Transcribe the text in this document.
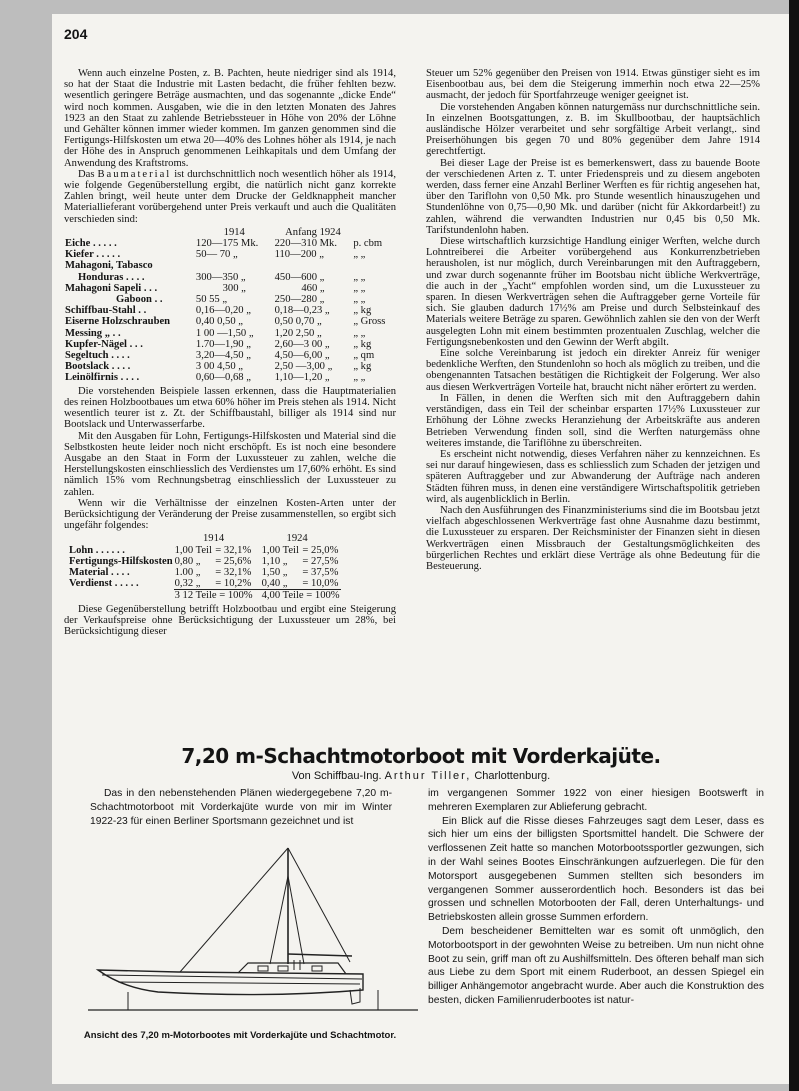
204

Wenn auch einzelne Posten, z. B. Pachten, heute niedriger sind als 1914, so hat der Staat die Industrie mit Lasten bedacht, die früher fehlten bezw. wesentlich geringere Beträge ausmachten, und das sogenannte „dicke Ende“ wird noch kommen. Ausgaben, wie die in den letzten Monaten des Jahres 1923 an den Staat zu zahlende Betriebssteuer in Höhe von 20% der Löhne und Gehälter können immer wieder kommen. Im ganzen genommen sind die Fertigungs-Hilfskosten um etwa 20—40% des Lohnes höher als 1914, je nach der Höhe des in Anspruch genommenen Leihkapitals und dem Umfang der Anwendung des Kraftstroms.

Das Baumaterial ist durchschnittlich noch wesentlich höher als 1914, wie folgende Gegenüberstellung ergibt, die natürlich nicht ganz korrekte Zahlen bringt, weil heute unter dem Drucke der Geldknappheit mancher Materiallieferant vorübergehend unter Preis verkauft und auch die Qualitäten verschieden sind:

	1914	Anfang 1924	
Eiche . . . . .	120—175 Mk.	220—310 Mk.	p. cbm
Kiefer . . . . .	50— 70 „	110—200 „	„ „
Mahagoni, Tabasco			
Honduras . . . .	300—350 „	450—600 „	„ „
Mahagoni Sapeli . . .	300 „	460 „	„ „
Gaboon . .	50 55 „	250—280 „	„ „
Schiffbau-Stahl . .	0,16—0,20 „	0,18—0,23 „	„ kg
Eiserne Holzschrauben	0,40 0,50 „	0,50 0,70 „	„ Gross
Messing „ . .	1 00 —1,50 „	1,20 2,50 „	„ „
Kupfer-Nägel . . .	1.70—1,90 „	2,60—3 00 „	„ kg
Segeltuch . . . .	3,20—4,50 „	4,50—6,00 „	„ qm
Bootslack . . . .	3 00 4,50 „	2,50 —3,00 „	„ kg
Leinölfirnis . . . .	0,60—0,68 „	1,10—1,20 „	„ „

Die vorstehenden Beispiele lassen erkennen, dass die Hauptmaterialien des reinen Holzbootbaues um etwa 60% höher im Preis stehen als 1914. Nicht wesentlich teurer ist z. Zt. der Schiffbaustahl, billiger als 1914 sind nur Bootslack und Unterwasserfarbe.

Mit den Ausgaben für Lohn, Fertigungs-Hilfskosten und Material sind die Selbstkosten heute leider noch nicht erschöpft. Es ist noch eine besondere Ausgabe an den Staat in Form der Luxussteuer zu zahlen, welche die Herstellungskosten einschliesslich des Verdienstes um 17,60% erhöht. Es sind nämlich 15% vom Rechnungsbetrag einschliesslich der Luxussteuer zu zahlen.

Wenn wir die Verhältnisse der einzelnen Kosten-Arten unter der Berücksichtigung der Veränderung der Preise zusammenstellen, so ergibt sich ungefähr folgendes:

	1914		1924	
Lohn . . . . . .	1,00 Teil	= 32,1%	1,00 Teil	= 25,0%
Fertigungs-Hilfskosten	0,80 „	= 25,6%	1,10 „	= 27,5%
Material . . . .	1.00 „	= 32,1%	1,50 „	= 37,5%
Verdienst . . . . .	0,32 „	= 10,2%	0,40 „	= 10,0%
	3 12 Teile = 100%		4,00 Teile = 100%	

Diese Gegenüberstellung betrifft Holzbootbau und ergibt eine Steigerung der Verkaufspreise ohne Berücksichtigung der Luxussteuer um 28%, bei Berücksichtigung dieser

Steuer um 52% gegenüber den Preisen von 1914. Etwas günstiger sieht es im Eisenbootbau aus, bei dem die Steigerung immerhin noch etwa 22—25% ausmacht, der jedoch für Sportfahrzeuge weniger geeignet ist.

Die vorstehenden Angaben können naturgemäss nur durchschnittliche sein. In einzelnen Bootsgattungen, z. B. im Skullbootbau, der hauptsächlich ausländische Hölzer verarbeitet und sehr sorgfältige Arbeit verlangt,. sind Preiserhöhungen bis gegen 70 und 80% gegenüber dem Jahre 1914 gerechtfertigt.

Bei dieser Lage der Preise ist es bemerkenswert, dass zu bauende Boote der verschiedenen Arten z. T. unter Friedenspreis und zu diesem angeboten werden, dass ferner eine Anzahl Berliner Werften es für richtig angesehen hat, über den Tariflohn von 0,50 Mk. pro Stunde wesentlich hinauszugehen und Stundenlöhne von 0,75—0,90 Mk. und darüber (nicht für Akkordarbeit!) zu zahlen, während die verwandten Industrien nur 0,45 bis 0,50 Mk. Tarifstundenlohn haben.

Diese wirtschaftlich kurzsichtige Handlung einiger Werften, welche durch Lohntreiberei die Arbeiter vorübergehend aus Konkurrenzbetrieben herausholen, ist nur möglich, durch Vereinbarungen mit den Auftraggebern, und zwar durch sogenannte früher im Bootsbau nicht übliche Werkverträge, die auch in der „Yacht“ empfohlen worden sind, um die Luxussteuer zu sparen. In diesen Werkverträgen sehen die Auftraggeber gerne Vorteile für sich. Sie glauben dadurch 17½% am Preise und durch Selbsteinkauf des Materials weitere Beträge zu sparen. Gewöhnlich zahlen sie den von der Werft ausgelegten Lohn mit einem bestimmten prozentualen Zuschlag, welcher die Fertigungsnebenkosten und den Gewinn der Werft abgilt.

Eine solche Vereinbarung ist jedoch ein direkter Anreiz für weniger bedenkliche Werften, den Stundenlohn so hoch als möglich zu treiben, und die obengenannten Tatsachen bestätigen die Richtigkeit der Folgerung. Wer also aus diesen Werkverträgen Vorteile hat, braucht nicht näher erörtert zu werden.

In Fällen, in denen die Werften sich mit den Auftraggebern dahin verständigen, dass ein Teil der scheinbar ersparten 17½% Luxussteuer zur Erhöhung der Löhne zwecks Heranziehung der Arbeitskräfte aus anderen Betrieben Verwendung finden soll, sind die Werften naturgemäss ohne weiteres imstande, die Tariflöhne zu überschreiten.

Es erscheint nicht notwendig, dieses Verfahren näher zu kennzeichnen. Es sei nur darauf hingewiesen, dass es schliesslich zum Schaden der jetzigen und späteren Auftraggeber und zur Abwanderung der Aufträge nach anderen Städten führen muss, in denen eine verständigere Wirtschaftspolitik getrieben wird, als augenblicklich in Berlin.

Nach den Ausführungen des Finanzministeriums sind die im Bootsbau jetzt vielfach abgeschlossenen Werkverträge fast ohne Ausnahme dazu bestimmt, die Luxussteuer zu ersparen. Der Reichsminister der Finanzen sieht in diesen Werkverträgen einen Missbrauch der Gestaltungsmöglichkeiten des bürgerlichen Rechtes und erklärt diese Verträge als ohne Bedeutung für die Besteuerung.

7,20 m-Schachtmotorboot mit Vorderkajüte.
Von Schiffbau-Ing. Arthur Tiller, Charlottenburg.

Das in den nebenstehenden Plänen wiedergegebene 7,20 m-Schachtmotorboot mit Vorderkajüte wurde von mir im Winter 1922-23 für einen Berliner Sportsmann gezeichnet und ist

Ansicht des 7,20 m-Motorbootes mit Vorderkajüte und Schachtmotor.

im vergangenen Sommer 1922 von einer hiesigen Bootswerft in mehreren Exemplaren zur Ablieferung gebracht.

Ein Blick auf die Risse dieses Fahrzeuges sagt dem Leser, dass es sich hier um eins der billigsten Sportsmittel handelt. Die Schwere der verflossenen Zeit hatte so manchen Motorbootssportler gezwungen, sich in der Wahl seines Bootes Einschränkungen aufzuerlegen. Die für den Motorsport ausgegebenen Summen stellten sich besonders im vergangenen Sommer ausserordentlich hoch. Besonders ist das bei grossen und schnellen Motorbooten der Fall, deren Unterhaltungs- und Betriebskosten allein grosse Summen erfordern.

Dem bescheidener Bemittelten war es somit oft unmöglich, den Motorbootsport in der gewohnten Weise zu betreiben. Um nun nicht ohne Boot zu sein, griff man oft zu Aushilfsmitteln. Des öfteren behalf man sich aus Liebe zu dem Sport mit einem Ruderboot, an dessen Spiegel ein billiger Anhängemotor angebracht wurde. Aber auch die Konstruktion des besten, dicken Familienruderbootes ist natur-
